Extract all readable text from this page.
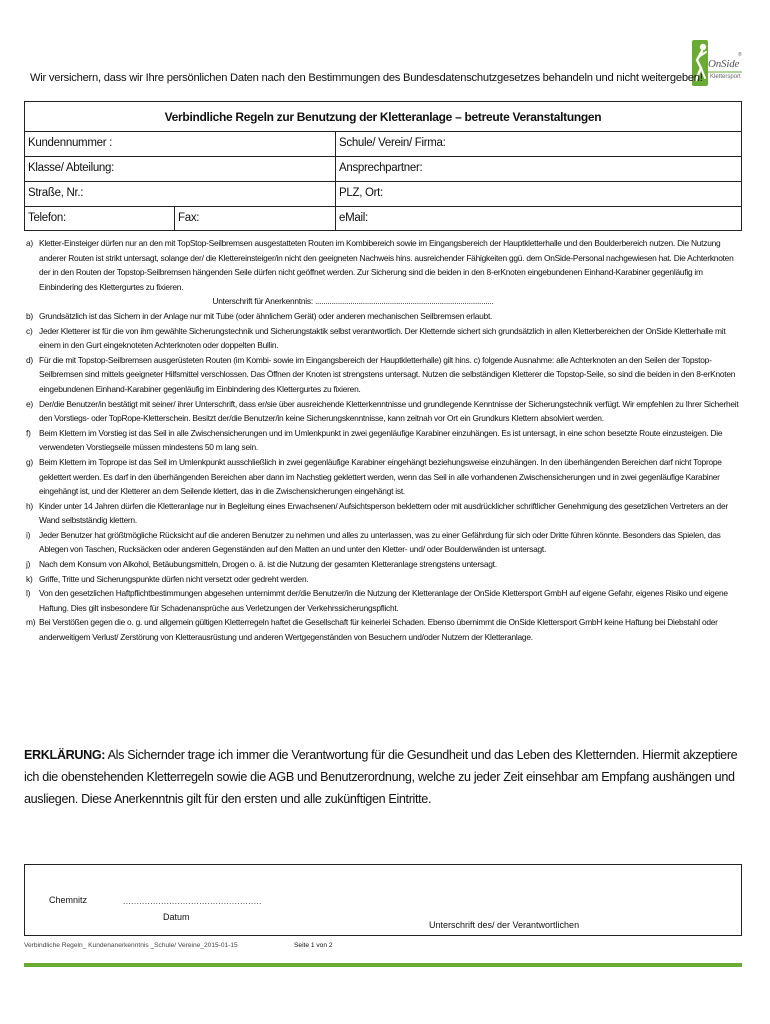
®
OnSide
Klettersport
Wir versichern, dass wir Ihre persönlichen Daten nach den Bestimmungen des Bundesdatenschutzgesetzes behandeln und nicht weitergeben!
Verbindliche Regeln zur Benutzung der Kletteranlage – betreute Veranstaltungen
Kundennummer :	Schule/ Verein/ Firma:
Klasse/ Abteilung:	Ansprechpartner:
Straße, Nr.:	PLZ, Ort:
Telefon:	Fax:	eMail:
a) Kletter-Einsteiger dürfen nur an den mit TopStop-Seilbremsen ausgestatteten Routen im Kombibereich sowie im Eingangsbereich der Hauptkletterhalle und den Boulderbereich nutzen. Die Nutzung anderer Routen ist strikt untersagt, solange der/ die Klettereinsteiger/in nicht den geeigneten Nachweis hins. ausreichender Fähigkeiten ggü. dem OnSide-Personal nachgewiesen hat. Die Achterknoten der in den Routen der Topstop-Seilbremsen hängenden Seile dürfen nicht geöffnet werden. Zur Sicherung sind die beiden in den 8-erKnoten eingebundenen Einhand-Karabiner gegenläufig im Einbindering des Klettergurtes zu fixieren.
Unterschrift für Anerkenntnis: ......................................................................................
b) Grundsätzlich ist das Sichern in der Anlage nur mit Tube (oder ähnlichem Gerät) oder anderen mechanischen Seilbremsen erlaubt.
c) Jeder Kletterer ist für die von ihm gewählte Sicherungstechnik und Sicherungstaktik selbst verantwortlich. Der Kletternde sichert sich grundsätzlich in allen Kletterbereichen der OnSide Kletterhalle mit einem in den Gurt eingeknoteten Achterknoten oder doppelten Bullin.
d) Für die mit Topstop-Seilbremsen ausgerüsteten Routen (im Kombi- sowie im Eingangsbereich der Hauptkletterhalle) gilt hins. c) folgende Ausnahme: alle Achterknoten an den Seilen der Topstop-Seilbremsen sind mittels geeigneter Hilfsmittel verschlossen. Das Öffnen der Knoten ist strengstens untersagt. Nutzen die selbständigen Kletterer die Topstop-Seile, so sind die beiden in den 8-erKnoten eingebundenen Einhand-Karabiner gegenläufig im Einbindering des Klettergurtes zu fixieren.
e) Der/die Benutzer/in bestätigt mit seiner/ ihrer Unterschrift, dass er/sie über ausreichende Kletterkenntnisse und grundlegende Kenntnisse der Sicherungstechnik verfügt. Wir empfehlen zu Ihrer Sicherheit den Vorstiegs- oder TopRope-Kletterschein. Besitzt der/die Benutzer/in keine Sicherungskenntnisse, kann zeitnah vor Ort ein Grundkurs Klettern absolviert werden.
f) Beim Klettern im Vorstieg ist das Seil in alle Zwischensicherungen und im Umlenkpunkt in zwei gegenläufige Karabiner einzuhängen. Es ist untersagt, in eine schon besetzte Route einzusteigen. Die verwendeten Vorstiegseile müssen mindestens 50 m lang sein.
g) Beim Klettern im Toprope ist das Seil im Umlenkpunkt ausschließlich in zwei gegenläufige Karabiner eingehängt beziehungsweise einzuhängen. In den überhängenden Bereichen darf nicht Toprope geklettert werden. Es darf in den überhängenden Bereichen aber dann im Nachstieg geklettert werden, wenn das Seil in alle vorhandenen Zwischensicherungen und in zwei gegenläufige Karabiner eingehängt ist, und der Kletterer an dem Seilende klettert, das in die Zwischensicherungen eingehängt ist.
h) Kinder unter 14 Jahren dürfen die Kletteranlage nur in Begleitung eines Erwachsenen/ Aufsichtsperson beklettern oder mit ausdrücklicher schriftlicher Genehmigung des gesetzlichen Vertreters an der Wand selbstständig klettern.
i)	Jeder Benutzer hat größtmögliche Rücksicht auf die anderen Benutzer zu nehmen und alles zu unterlassen, was zu einer Gefährdung für sich oder Dritte führen könnte. Besonders das Spielen, das Ablegen von Taschen, Rucksäcken oder anderen Gegenständen auf den Matten an und unter den Kletter- und/ oder Boulderwänden ist untersagt.
j)	Nach dem Konsum von Alkohol, Betäubungsmitteln, Drogen o. ä. ist die Nutzung der gesamten Kletteranlage strengstens untersagt.
k) Griffe, Tritte und Sicherungspunkte dürfen nicht versetzt oder gedreht werden.
l)	Von den gesetzlichen Haftpflichtbestimmungen abgesehen unternimmt der/die Benutzer/in die Nutzung der Kletteranlage der OnSide Klettersport GmbH auf eigene Gefahr, eigenes Risiko und eigene Haftung. Dies gilt insbesondere für Schadenansprüche aus Verletzungen der Verkehrssicherungspflicht.
m) Bei Verstößen gegen die o. g. und allgemein gültigen Kletterregeln haftet die Gesellschaft für keinerlei Schaden. Ebenso übernimmt die OnSide Klettersport GmbH keine Haftung bei Diebstahl oder anderweitigem Verlust/ Zerstörung von Kletterausrüstung und anderen Wertgegenständen von Besuchern und/oder Nutzern der Kletteranlage.
ERKLÄRUNG: Als Sichernder trage ich immer die Verantwortung für die Gesundheit und das Leben des Kletternden. Hiermit akzeptiere ich die obenstehenden Kletterregeln sowie die AGB und Benutzerordnung, welche zu jeder Zeit einsehbar am Empfang aushängen und ausliegen. Diese Anerkenntnis gilt für den ersten und alle zukünftigen Eintritte.
Chemnitz	...................................................
Datum
Unterschrift des/ der Verantwortlichen
Verbindliche Regeln_ Kundenanerkenntnis _Schule/ Vereine_2015-01-15	Seite 1 von 2
